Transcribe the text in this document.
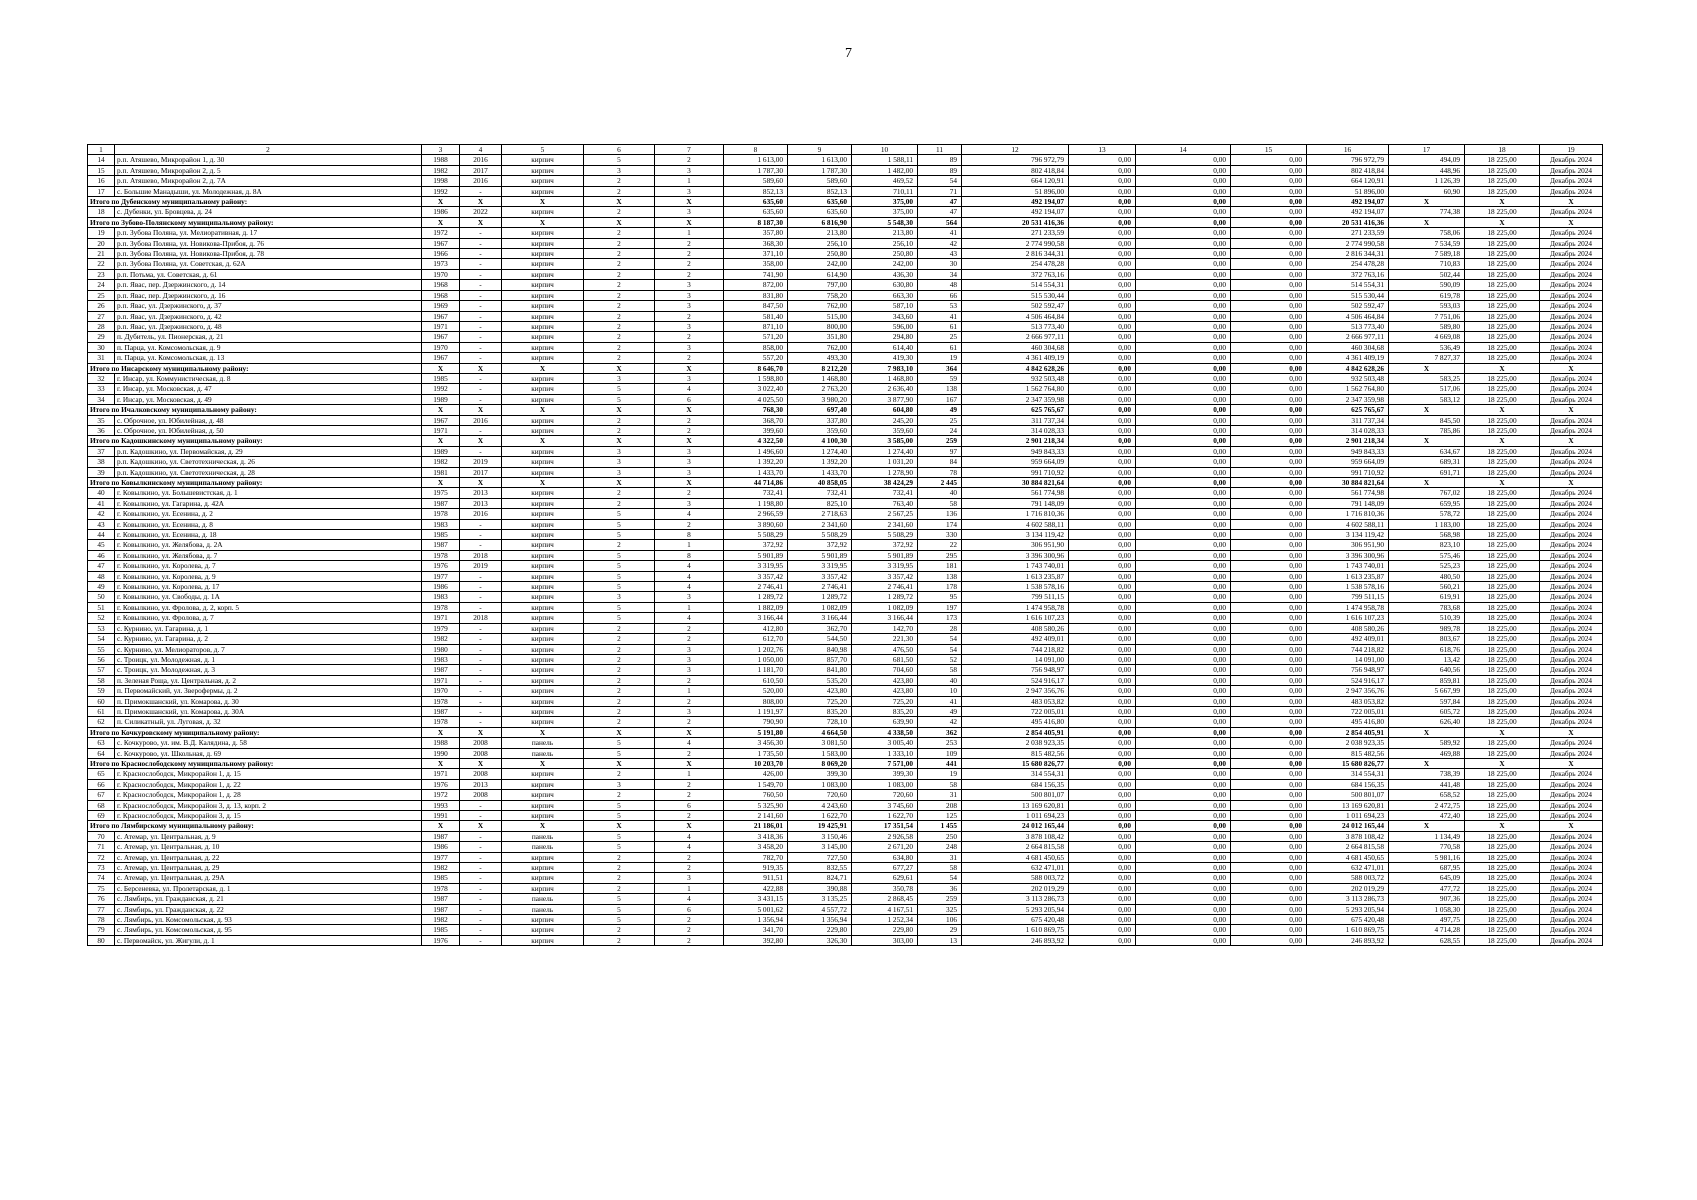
7
1	2	3	4	5	6	7	8	9	10	11	12	13	14	15	16	17	18	19
14	р.п. Атяшево, Микрорайон 1, д. 30	1988	2016	кирпич	5	2	1 613,00	1 613,00	1 588,11	89	796 972,79	0,00	0,00	0,00	796 972,79	494,09	18 225,00	Декабрь 2024
15	р.п. Атяшево, Микрорайон 2, д. 5	1982	2017	кирпич	3	3	1 787,30	1 787,30	1 482,00	89	802 418,84	0,00	0,00	0,00	802 418,84	448,96	18 225,00	Декабрь 2024
16	р.п. Атяшево, Микрорайон 2, д. 7А	1998	2016	кирпич	2	1	589,60	589,60	469,52	54	664 120,91	0,00	0,00	0,00	664 120,91	1 126,39	18 225,00	Декабрь 2024
17	с. Большие Манадыши, ул. Молодежная, д. 8А	1992	-	кирпич	2	3	852,13	852,13	710,11	71	51 896,00	0,00	0,00	0,00	51 896,00	60,90	18 225,00	Декабрь 2024
Итого по Дубенскому муниципальному району:		X	X	X	X	X	635,60	635,60	375,00	47	492 194,07	0,00	0,00	0,00	492 194,07	X	X	X
18	с. Дубенки, ул. Бровцева, д. 24	1986	2022	кирпич	2	3	635,60	635,60	375,00	47	492 194,07	0,00	0,00	0,00	492 194,07	774,38	18 225,00	Декабрь 2024
Итого по Зубово-Полянскому муниципальному району:		X	X	X	X	X	8 187,30	6 816,90	5 548,30	564	20 531 416,36	0,00	0,00	0,00	20 531 416,36	X	X	X
19	р.п. Зубова Поляна, ул. Мелиоративная, д. 17	1972	-	кирпич	2	1	357,80	213,80	213,80	41	271 233,59	0,00	0,00	0,00	271 233,59	758,06	18 225,00	Декабрь 2024
20	р.п. Зубова Поляна, ул. Новикова-Прибоя, д. 76	1967	-	кирпич	2	2	368,30	256,10	256,10	42	2 774 990,58	0,00	0,00	0,00	2 774 990,58	7 534,59	18 225,00	Декабрь 2024
21	р.п. Зубова Поляна, ул. Новикова-Прибоя, д. 78	1966	-	кирпич	2	2	371,10	250,80	250,80	43	2 816 344,31	0,00	0,00	0,00	2 816 344,31	7 589,18	18 225,00	Декабрь 2024
22	р.п. Зубова Поляна, ул. Советская, д. 62А	1973	-	кирпич	2	2	358,00	242,00	242,00	30	254 478,28	0,00	0,00	0,00	254 478,28	710,83	18 225,00	Декабрь 2024
23	р.п. Потьма, ул. Советская, д. 61	1970	-	кирпич	2	2	741,90	614,90	436,30	34	372 763,16	0,00	0,00	0,00	372 763,16	502,44	18 225,00	Декабрь 2024
24	р.п. Явас, пер. Дзержинского, д. 14	1968	-	кирпич	2	3	872,00	797,00	630,80	48	514 554,31	0,00	0,00	0,00	514 554,31	590,09	18 225,00	Декабрь 2024
25	р.п. Явас, пер. Дзержинского, д. 16	1968	-	кирпич	2	3	831,80	758,20	663,30	66	515 530,44	0,00	0,00	0,00	515 530,44	619,78	18 225,00	Декабрь 2024
26	р.п. Явас, ул. Дзержинского, д. 37	1969	-	кирпич	2	3	847,50	762,00	587,10	53	502 592,47	0,00	0,00	0,00	502 592,47	593,03	18 225,00	Декабрь 2024
27	р.п. Явас, ул. Дзержинского, д. 42	1967	-	кирпич	2	2	581,40	515,00	343,60	41	4 506 464,84	0,00	0,00	0,00	4 506 464,84	7 751,06	18 225,00	Декабрь 2024
28	р.п. Явас, ул. Дзержинского, д. 48	1971	-	кирпич	2	3	871,10	800,00	596,00	61	513 773,40	0,00	0,00	0,00	513 773,40	589,80	18 225,00	Декабрь 2024
29	п. Дубитель, ул. Пионерская, д. 21	1967	-	кирпич	2	2	571,20	351,80	294,80	25	2 666 977,11	0,00	0,00	0,00	2 666 977,11	4 669,08	18 225,00	Декабрь 2024
30	п. Парца, ул. Комсомольская, д. 9	1970	-	кирпич	2	3	858,00	762,00	614,40	61	460 304,68	0,00	0,00	0,00	460 304,68	536,49	18 225,00	Декабрь 2024
31	п. Парца, ул. Комсомольская, д. 13	1967	-	кирпич	2	2	557,20	493,30	419,30	19	4 361 409,19	0,00	0,00	0,00	4 361 409,19	7 827,37	18 225,00	Декабрь 2024
Итого по Инсарскому муниципальному району:		X	X	X	X	X	8 646,70	8 212,20	7 983,10	364	4 842 628,26	0,00	0,00	0,00	4 842 628,26	X	X	X
32	г. Инсар, ул. Коммунистическая, д. 8	1985	-	кирпич	3	3	1 598,80	1 468,80	1 468,80	59	932 503,48	0,00	0,00	0,00	932 503,48	583,25	18 225,00	Декабрь 2024
33	г. Инсар, ул. Московская, д. 47	1992	-	кирпич	5	4	3 022,40	2 763,20	2 636,40	138	1 562 764,80	0,00	0,00	0,00	1 562 764,80	517,06	18 225,00	Декабрь 2024
34	г. Инсар, ул. Московская, д. 49	1989	-	кирпич	5	6	4 025,50	3 980,20	3 877,90	167	2 347 359,98	0,00	0,00	0,00	2 347 359,98	583,12	18 225,00	Декабрь 2024
Итого по Ичалковскому муниципальному району:		X	X	X	X	X	768,30	697,40	604,80	49	625 765,67	0,00	0,00	0,00	625 765,67	X	X	X
35	с. Оброчное, ул. Юбилейная, д. 48	1967	2016	кирпич	2	2	368,70	337,80	245,20	25	311 737,34	0,00	0,00	0,00	311 737,34	845,50	18 225,00	Декабрь 2024
36	с. Оброчное, ул. Юбилейная, д. 50	1971	-	кирпич	2	2	399,60	359,60	359,60	24	314 028,33	0,00	0,00	0,00	314 028,33	785,86	18 225,00	Декабрь 2024
Итого по Кадошкинскому муниципальному району:		X	X	X	X	X	4 322,50	4 100,30	3 585,00	259	2 901 218,34	0,00	0,00	0,00	2 901 218,34	X	X	X
37	р.п. Кадошкино, ул. Первомайская, д. 29	1989	-	кирпич	3	3	1 496,60	1 274,40	1 274,40	97	949 843,33	0,00	0,00	0,00	949 843,33	634,67	18 225,00	Декабрь 2024
38	р.п. Кадошкино, ул. Светотехническая, д. 26	1982	2019	кирпич	3	3	1 392,20	1 392,20	1 031,20	84	959 664,09	0,00	0,00	0,00	959 664,09	689,31	18 225,00	Декабрь 2024
39	р.п. Кадошкино, ул. Светотехническая, д. 28	1981	2017	кирпич	3	3	1 433,70	1 433,70	1 278,90	78	991 710,92	0,00	0,00	0,00	991 710,92	691,71	18 225,00	Декабрь 2024
Итого по Ковылкинскому муниципальному району:		X	X	X	X	X	44 714,86	40 858,05	38 424,29	2 445	30 884 821,64	0,00	0,00	0,00	30 884 821,64	X	X	X
40	г. Ковылкино, ул. Большевистская, д. 1	1975	2013	кирпич	2	2	732,41	732,41	732,41	40	561 774,98	0,00	0,00	0,00	561 774,98	767,02	18 225,00	Декабрь 2024
41	г. Ковылкино, ул. Гагарина, д. 42А	1987	2013	кирпич	2	3	1 198,80	825,10	763,40	58	791 148,09	0,00	0,00	0,00	791 148,09	659,95	18 225,00	Декабрь 2024
42	г. Ковылкино, ул. Есенина, д. 2	1978	2016	кирпич	5	4	2 966,59	2 718,63	2 567,25	136	1 716 810,36	0,00	0,00	0,00	1 716 810,36	578,72	18 225,00	Декабрь 2024
43	г. Ковылкино, ул. Есенина, д. 8	1983	-	кирпич	5	2	3 890,60	2 341,60	2 341,60	174	4 602 588,11	0,00	0,00	0,00	4 602 588,11	1 183,00	18 225,00	Декабрь 2024
44	г. Ковылкино, ул. Есенина, д. 18	1985	-	кирпич	5	8	5 508,29	5 508,29	5 508,29	330	3 134 119,42	0,00	0,00	0,00	3 134 119,42	568,98	18 225,00	Декабрь 2024
45	г. Ковылкино, ул. Желябова, д. 2А	1987	-	кирпич	2	1	372,92	372,92	372,92	22	306 951,90	0,00	0,00	0,00	306 951,90	823,10	18 225,00	Декабрь 2024
46	г. Ковылкино, ул. Желябова, д. 7	1978	2018	кирпич	5	8	5 901,89	5 901,89	5 901,89	295	3 396 300,96	0,00	0,00	0,00	3 396 300,96	575,46	18 225,00	Декабрь 2024
47	г. Ковылкино, ул. Королева, д. 7	1976	2019	кирпич	5	4	3 319,95	3 319,95	3 319,95	181	1 743 740,01	0,00	0,00	0,00	1 743 740,01	525,23	18 225,00	Декабрь 2024
48	г. Ковылкино, ул. Королева, д. 9	1977	-	кирпич	5	4	3 357,42	3 357,42	3 357,42	138	1 613 235,87	0,00	0,00	0,00	1 613 235,87	480,50	18 225,00	Декабрь 2024
49	г. Ковылкино, ул. Королева, д. 17	1986	-	кирпич	5	4	2 746,41	2 746,41	2 746,41	178	1 538 578,16	0,00	0,00	0,00	1 538 578,16	560,21	18 225,00	Декабрь 2024
50	г. Ковылкино, ул. Свободы, д. 1А	1983	-	кирпич	3	3	1 289,72	1 289,72	1 289,72	95	799 511,15	0,00	0,00	0,00	799 511,15	619,91	18 225,00	Декабрь 2024
51	г. Ковылкино, ул. Фролова, д. 2, корп. 5	1978	-	кирпич	5	1	1 882,09	1 082,09	1 082,09	197	1 474 958,78	0,00	0,00	0,00	1 474 958,78	783,68	18 225,00	Декабрь 2024
52	г. Ковылкино, ул. Фролова, д. 7	1971	2018	кирпич	5	4	3 166,44	3 166,44	3 166,44	173	1 616 107,23	0,00	0,00	0,00	1 616 107,23	510,39	18 225,00	Декабрь 2024
53	с. Курнино, ул. Гагарина, д. 1	1979	-	кирпич	2	2	412,80	362,70	142,70	28	408 580,26	0,00	0,00	0,00	408 580,26	989,78	18 225,00	Декабрь 2024
54	с. Курнино, ул. Гагарина, д. 2	1982	-	кирпич	2	2	612,70	544,50	221,30	54	492 409,01	0,00	0,00	0,00	492 409,01	803,67	18 225,00	Декабрь 2024
55	с. Курнино, ул. Мелиораторов, д. 7	1980	-	кирпич	2	3	1 202,76	840,98	476,50	54	744 218,82	0,00	0,00	0,00	744 218,82	618,76	18 225,00	Декабрь 2024
56	с. Троицк, ул. Молодежная, д. 1	1983	-	кирпич	2	3	1 050,00	857,70	681,50	52	14 091,00	0,00	0,00	0,00	14 091,00	13,42	18 225,00	Декабрь 2024
57	с. Троицк, ул. Молодежная, д. 3	1987	-	кирпич	2	3	1 181,70	841,80	704,60	58	756 948,97	0,00	0,00	0,00	756 948,97	640,56	18 225,00	Декабрь 2024
58	п. Зеленая Роща, ул. Центральная, д. 2	1971	-	кирпич	2	2	610,50	535,20	423,80	40	524 916,17	0,00	0,00	0,00	524 916,17	859,81	18 225,00	Декабрь 2024
59	п. Первомайский, ул. Зверофермы, д. 2	1970	-	кирпич	2	1	520,00	423,80	423,80	10	2 947 356,76	0,00	0,00	0,00	2 947 356,76	5 667,99	18 225,00	Декабрь 2024
60	п. Примокшанский, ул. Комарова, д. 30	1978	-	кирпич	2	2	808,00	725,20	725,20	41	483 053,82	0,00	0,00	0,00	483 053,82	597,84	18 225,00	Декабрь 2024
61	п. Примокшанский, ул. Комарова, д. 30А	1987	-	кирпич	2	3	1 191,97	835,20	835,20	49	722 005,01	0,00	0,00	0,00	722 005,01	605,72	18 225,00	Декабрь 2024
62	п. Силикатный, ул. Луговая, д. 32	1978	-	кирпич	2	2	790,90	728,10	639,90	42	495 416,80	0,00	0,00	0,00	495 416,80	626,40	18 225,00	Декабрь 2024
Итого по Кочкуровскому муниципальному району:		X	X	X	X	X	5 191,80	4 664,50	4 338,50	362	2 854 405,91	0,00	0,00	0,00	2 854 405,91	X	X	X
63	с. Кочкурово, ул. им. В.Д. Калядина, д. 58	1988	2008	панель	5	4	3 456,30	3 081,50	3 005,40	253	2 038 923,35	0,00	0,00	0,00	2 038 923,35	589,92	18 225,00	Декабрь 2024
64	с. Кочкурово, ул. Школьная, д. 69	1990	2008	панель	5	2	1 735,50	1 583,00	1 333,10	109	815 482,56	0,00	0,00	0,00	815 482,56	469,88	18 225,00	Декабрь 2024
Итого по Краснослободскому муниципальному району:		X	X	X	X	X	10 203,70	8 069,20	7 571,00	441	15 680 826,77	0,00	0,00	0,00	15 680 826,77	X	X	X
65	г. Краснослободск, Микрорайон 1, д. 15	1971	2008	кирпич	2	1	426,00	399,30	399,30	19	314 554,31	0,00	0,00	0,00	314 554,31	738,39	18 225,00	Декабрь 2024
66	г. Краснослободск, Микрорайон 1, д. 22	1976	2013	кирпич	3	2	1 549,70	1 083,00	1 083,00	58	684 156,35	0,00	0,00	0,00	684 156,35	441,48	18 225,00	Декабрь 2024
67	г. Краснослободск, Микрорайон 1, д. 28	1972	2008	кирпич	2	2	760,50	720,60	720,60	31	500 801,07	0,00	0,00	0,00	500 801,07	658,52	18 225,00	Декабрь 2024
68	г. Краснослободск, Микрорайон 3, д. 13, корп. 2	1993	-	кирпич	5	6	5 325,90	4 243,60	3 745,60	208	13 169 620,81	0,00	0,00	0,00	13 169 620,81	2 472,75	18 225,00	Декабрь 2024
69	г. Краснослободск, Микрорайон 3, д. 15	1991	-	кирпич	5	2	2 141,60	1 622,70	1 622,70	125	1 011 694,23	0,00	0,00	0,00	1 011 694,23	472,40	18 225,00	Декабрь 2024
Итого по Лямбирскому муниципальному району:		X	X	X	X	X	21 186,01	19 425,91	17 351,54	1 455	24 012 165,44	0,00	0,00	0,00	24 012 165,44	X	X	X
70	с. Атемар, ул. Центральная, д. 9	1987	-	панель	5	4	3 418,36	3 150,46	2 926,58	250	3 878 108,42	0,00	0,00	0,00	3 878 108,42	1 134,49	18 225,00	Декабрь 2024
71	с. Атемар, ул. Центральная, д. 10	1986	-	панель	5	4	3 458,20	3 145,00	2 671,20	248	2 664 815,58	0,00	0,00	0,00	2 664 815,58	770,58	18 225,00	Декабрь 2024
72	с. Атемар, ул. Центральная, д. 22	1977	-	кирпич	2	2	782,70	727,50	634,80	31	4 681 450,65	0,00	0,00	0,00	4 681 450,65	5 981,16	18 225,00	Декабрь 2024
73	с. Атемар, ул. Центральная, д. 29	1982	-	кирпич	2	2	919,35	832,55	677,27	58	632 471,01	0,00	0,00	0,00	632 471,01	687,95	18 225,00	Декабрь 2024
74	с. Атемар, ул. Центральная, д. 29А	1985	-	кирпич	2	3	911,51	824,71	629,61	54	588 003,72	0,00	0,00	0,00	588 003,72	645,09	18 225,00	Декабрь 2024
75	с. Берсеневка, ул. Пролетарская, д. 1	1978	-	кирпич	2	1	422,88	390,88	350,78	36	202 019,29	0,00	0,00	0,00	202 019,29	477,72	18 225,00	Декабрь 2024
76	с. Лямбирь, ул. Гражданская, д. 21	1987	-	панель	5	4	3 431,15	3 135,25	2 868,45	259	3 113 286,73	0,00	0,00	0,00	3 113 286,73	907,36	18 225,00	Декабрь 2024
77	с. Лямбирь, ул. Гражданская, д. 22	1987	-	панель	5	6	5 001,62	4 557,72	4 167,51	325	5 293 205,94	0,00	0,00	0,00	5 293 205,94	1 058,30	18 225,00	Декабрь 2024
78	с. Лямбирь, ул. Комсомольская, д. 93	1982	-	кирпич	5	2	1 356,94	1 356,94	1 252,34	106	675 420,48	0,00	0,00	0,00	675 420,48	497,75	18 225,00	Декабрь 2024
79	с. Лямбирь, ул. Комсомольская, д. 95	1985	-	кирпич	2	2	341,70	229,80	229,80	29	1 610 869,75	0,00	0,00	0,00	1 610 869,75	4 714,28	18 225,00	Декабрь 2024
80	с. Первомайск, ул. Жигули, д. 1	1976	-	кирпич	2	2	392,80	326,30	303,00	13	246 893,92	0,00	0,00	0,00	246 893,92	628,55	18 225,00	Декабрь 2024
